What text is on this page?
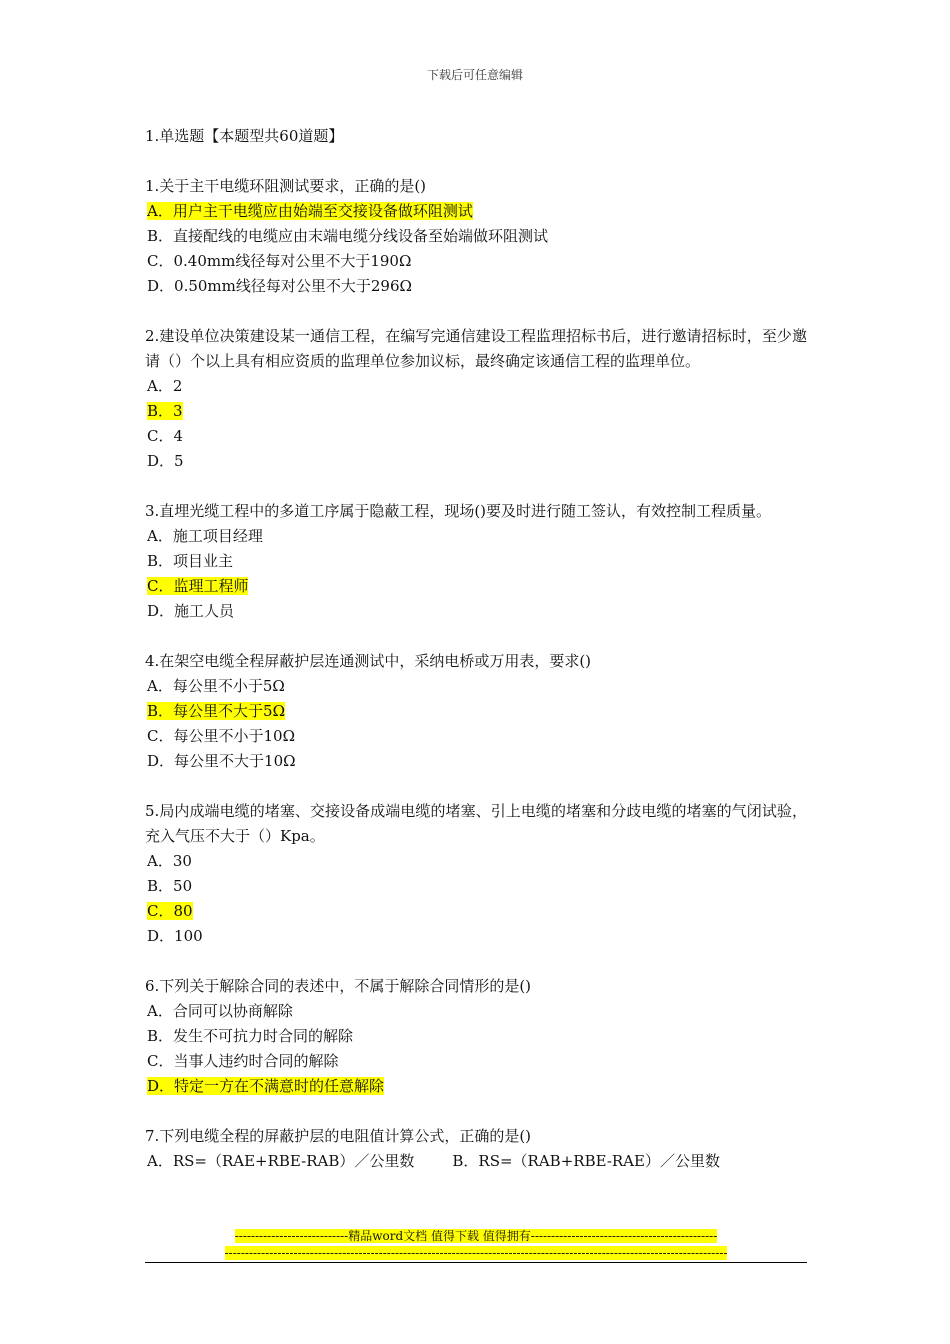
下载后可任意编辑
1.单选题【本题型共60道题】
1.关于主干电缆环阻测试要求，正确的是()
A．用户主干电缆应由始端至交接设备做环阻测试
B．直接配线的电缆应由末端电缆分线设备至始端做环阻测试
C．0.40mm线径每对公里不大于190Ω
D．0.50mm线径每对公里不大于296Ω
2.建设单位决策建设某一通信工程，在编写完通信建设工程监理招标书后，进行邀请招标时，至少邀请（）个以上具有相应资质的监理单位参加议标，最终确定该通信工程的监理单位。
A．2
B．3
C．4
D．5
3.直埋光缆工程中的多道工序属于隐蔽工程，现场()要及时进行随工签认，有效控制工程质量。
A．施工项目经理
B．项目业主
C．监理工程师
D．施工人员
4.在架空电缆全程屏蔽护层连通测试中，采纳电桥或万用表，要求()
A．每公里不小于5Ω
B．每公里不大于5Ω
C．每公里不小于10Ω
D．每公里不大于10Ω
5.局内成端电缆的堵塞、交接设备成端电缆的堵塞、引上电缆的堵塞和分歧电缆的堵塞的气闭试验，充入气压不大于（）Kpa。
A．30
B．50
C．80
D．100
6.下列关于解除合同的表述中，不属于解除合同情形的是()
A．合同可以协商解除
B．发生不可抗力时合同的解除
C．当事人违约时合同的解除
D．特定一方在不满意时的任意解除
7.下列电缆全程的屏蔽护层的电阻值计算公式，正确的是()
A．RS=（RAE+RBE-RAB）／公里数	B．RS=（RAB+RBE-RAE）／公里数
----------------------------精品word文档 值得下载 值得拥有----------------------------------------------
----------------------------------------------------------------------------------------------------------------------------
